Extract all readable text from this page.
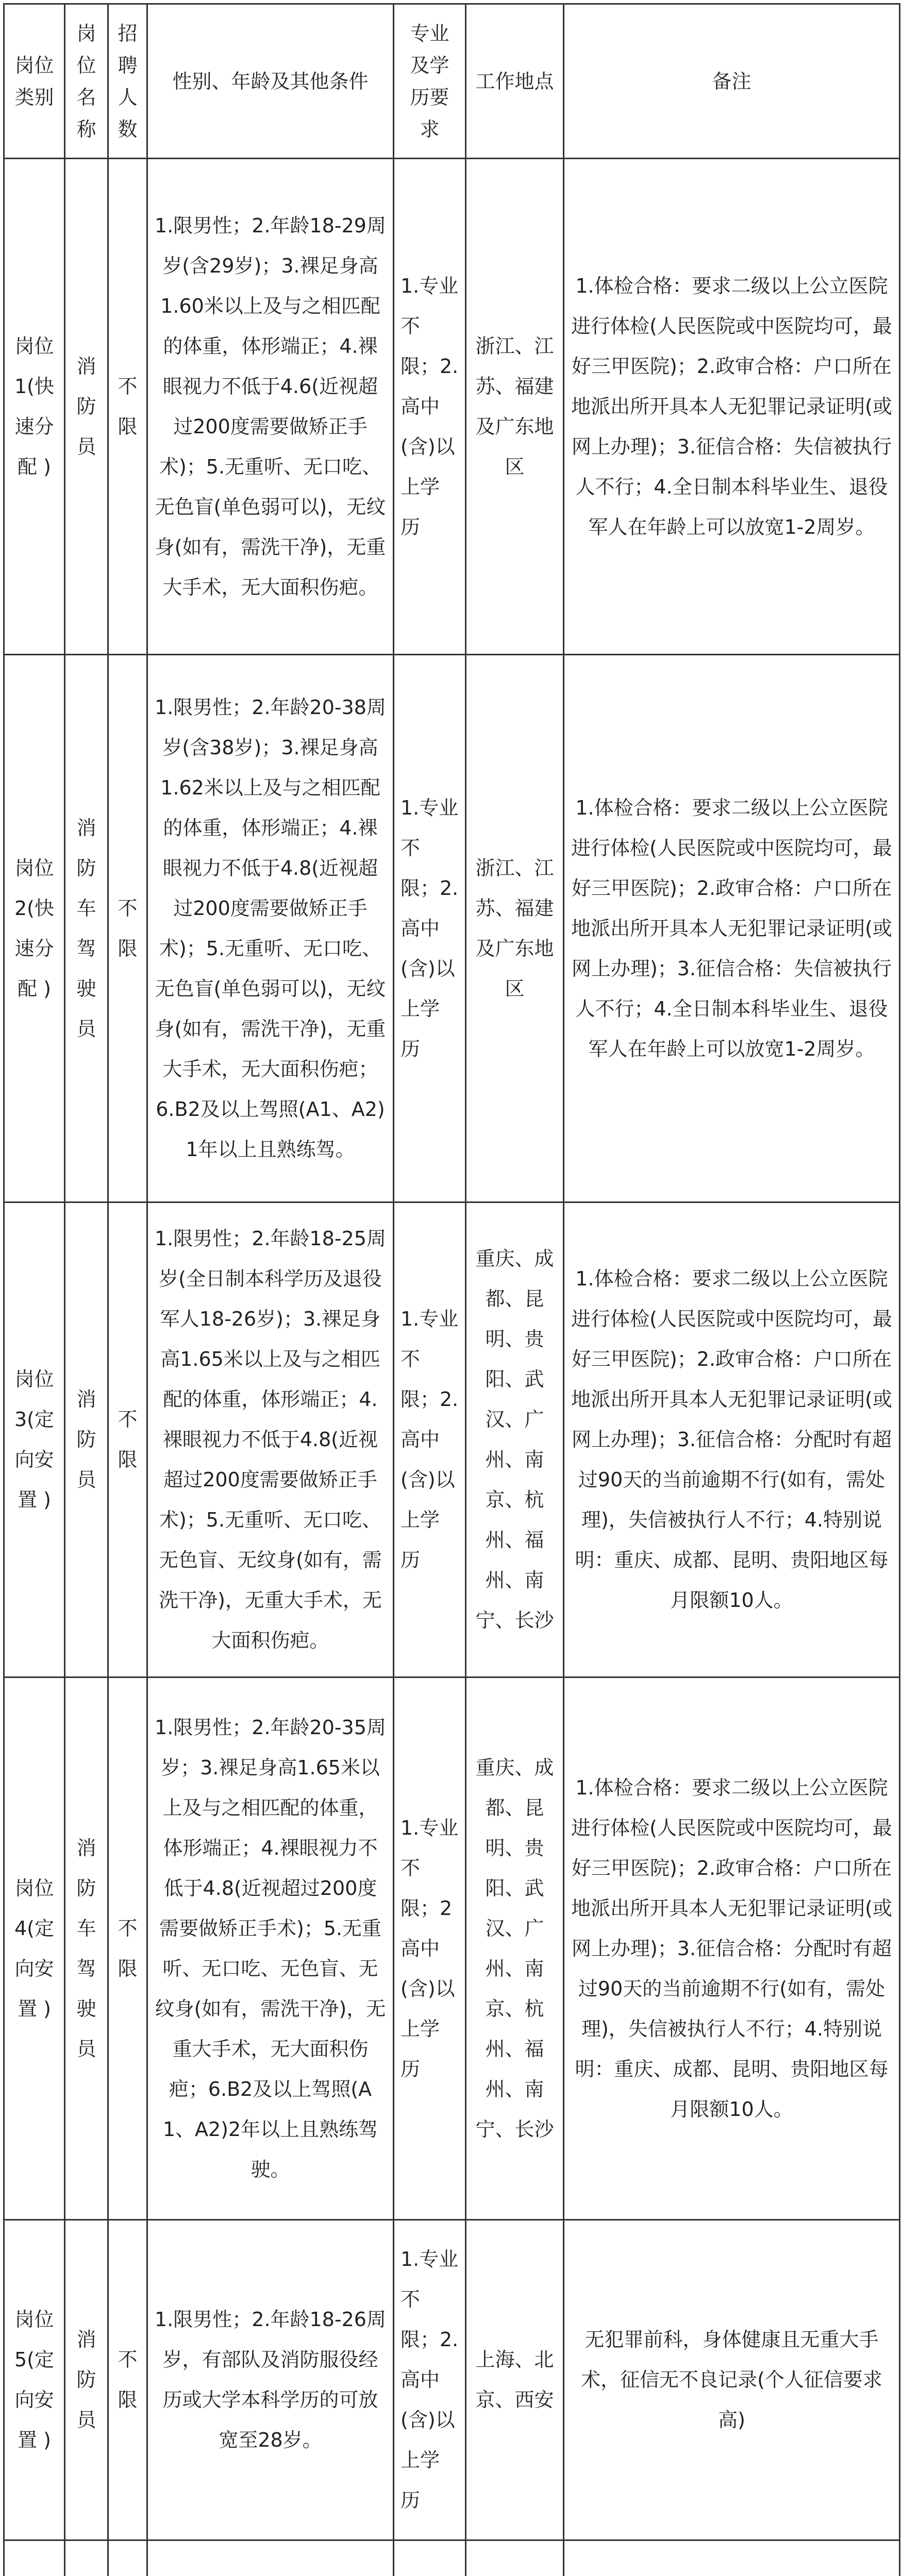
岗位类别	岗位名称	招聘人数	性别、年龄及其他条件	专业及学历要求	工作地点	备注
岗位1(快速分配 )	消防员	不限	1.限男性；2.年龄18-29周岁(含29岁)；3.裸足身高1.60米以上及与之相匹配的体重，体形端正；4.裸眼视力不低于4.6(近视超过200度需要做矫正手术)；5.无重听、无口吃、无色盲(单色弱可以)，无纹身(如有，需洗干净)，无重大手术，无大面积伤疤。	1.专业不限；2.高中(含)以上学历	浙江、江苏、福建及广东地区	1.体检合格：要求二级以上公立医院进行体检(人民医院或中医院均可，最好三甲医院)；2.政审合格：户口所在地派出所开具本人无犯罪记录证明(或网上办理)；3.征信合格：失信被执行人不行；4.全日制本科毕业生、退役军人在年龄上可以放宽1-2周岁。
岗位2(快速分配 )	消防车驾驶员	不限	1.限男性；2.年龄20-38周岁(含38岁)；3.裸足身高1.62米以上及与之相匹配的体重，体形端正；4.裸眼视力不低于4.8(近视超过200度需要做矫正手术)；5.无重听、无口吃、无色盲(单色弱可以)，无纹身(如有，需洗干净)，无重大手术，无大面积伤疤；6.B2及以上驾照(A1、A2)1年以上且熟练驾。	1.专业不限；2.高中(含)以上学历	浙江、江苏、福建及广东地区	1.体检合格：要求二级以上公立医院进行体检(人民医院或中医院均可，最好三甲医院)；2.政审合格：户口所在地派出所开具本人无犯罪记录证明(或网上办理)；3.征信合格：失信被执行人不行；4.全日制本科毕业生、退役军人在年龄上可以放宽1-2周岁。
岗位3(定向安置 )	消防员	不限	1.限男性；2.年龄18-25周岁(全日制本科学历及退役军人18-26岁)；3.裸足身高1.65米以上及与之相匹配的体重，体形端正；4.裸眼视力不低于4.8(近视超过200度需要做矫正手术)；5.无重听、无口吃、无色盲、无纹身(如有，需洗干净)，无重大手术，无大面积伤疤。	1.专业不限；2.高中(含)以上学历	重庆、成都、昆明、贵阳、武汉、广州、南京、杭州、福州、南宁、长沙	1.体检合格：要求二级以上公立医院进行体检(人民医院或中医院均可，最好三甲医院)；2.政审合格：户口所在地派出所开具本人无犯罪记录证明(或网上办理)；3.征信合格：分配时有超过90天的当前逾期不行(如有，需处理)，失信被执行人不行；4.特别说明：重庆、成都、昆明、贵阳地区每月限额10人。
岗位4(定向安置 )	消防车驾驶员	不限	1.限男性；2.年龄20-35周岁；3.裸足身高1.65米以上及与之相匹配的体重，体形端正；4.裸眼视力不低于4.8(近视超过200度需要做矫正手术)；5.无重听、无口吃、无色盲、无纹身(如有，需洗干净)，无重大手术，无大面积伤疤；6.B2及以上驾照(A1、A2)2年以上且熟练驾驶。	1.专业不限；2高中(含)以上学历	重庆、成都、昆明、贵阳、武汉、广州、南京、杭州、福州、南宁、长沙	1.体检合格：要求二级以上公立医院进行体检(人民医院或中医院均可，最好三甲医院)；2.政审合格：户口所在地派出所开具本人无犯罪记录证明(或网上办理)；3.征信合格：分配时有超过90天的当前逾期不行(如有，需处理)，失信被执行人不行；4.特别说明：重庆、成都、昆明、贵阳地区每月限额10人。
岗位5(定向安置 )	消防员	不限	1.限男性；2.年龄18-26周岁，有部队及消防服役经历或大学本科学历的可放宽至28岁。	1.专业不限；2.高中(含)以上学历	上海、北京、西安	无犯罪前科，身体健康且无重大手术，征信无不良记录(个人征信要求高)
